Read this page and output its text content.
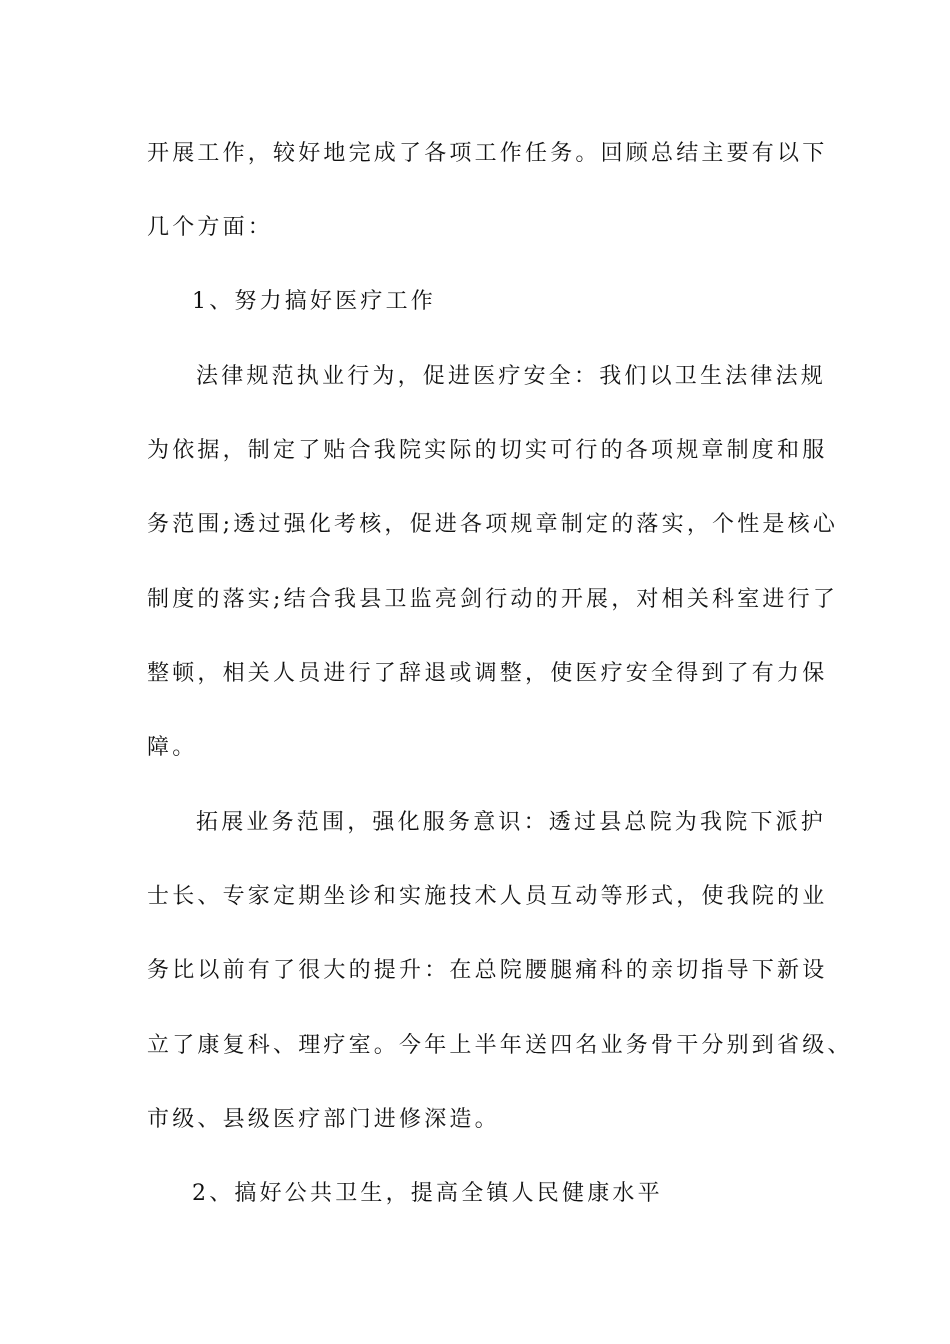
开展工作，较好地完成了各项工作任务。回顾总结主要有以下
几个方面：
1、努力搞好医疗工作
法律规范执业行为，促进医疗安全：我们以卫生法律法规
为依据，制定了贴合我院实际的切实可行的各项规章制度和服
务范围;透过强化考核，促进各项规章制定的落实，个性是核心
制度的落实;结合我县卫监亮剑行动的开展，对相关科室进行了
整顿，相关人员进行了辞退或调整，使医疗安全得到了有力保
障。
拓展业务范围，强化服务意识：透过县总院为我院下派护
士长、专家定期坐诊和实施技术人员互动等形式，使我院的业
务比以前有了很大的提升：在总院腰腿痛科的亲切指导下新设
立了康复科、理疗室。今年上半年送四名业务骨干分别到省级、
市级、县级医疗部门进修深造。
2、搞好公共卫生，提高全镇人民健康水平
